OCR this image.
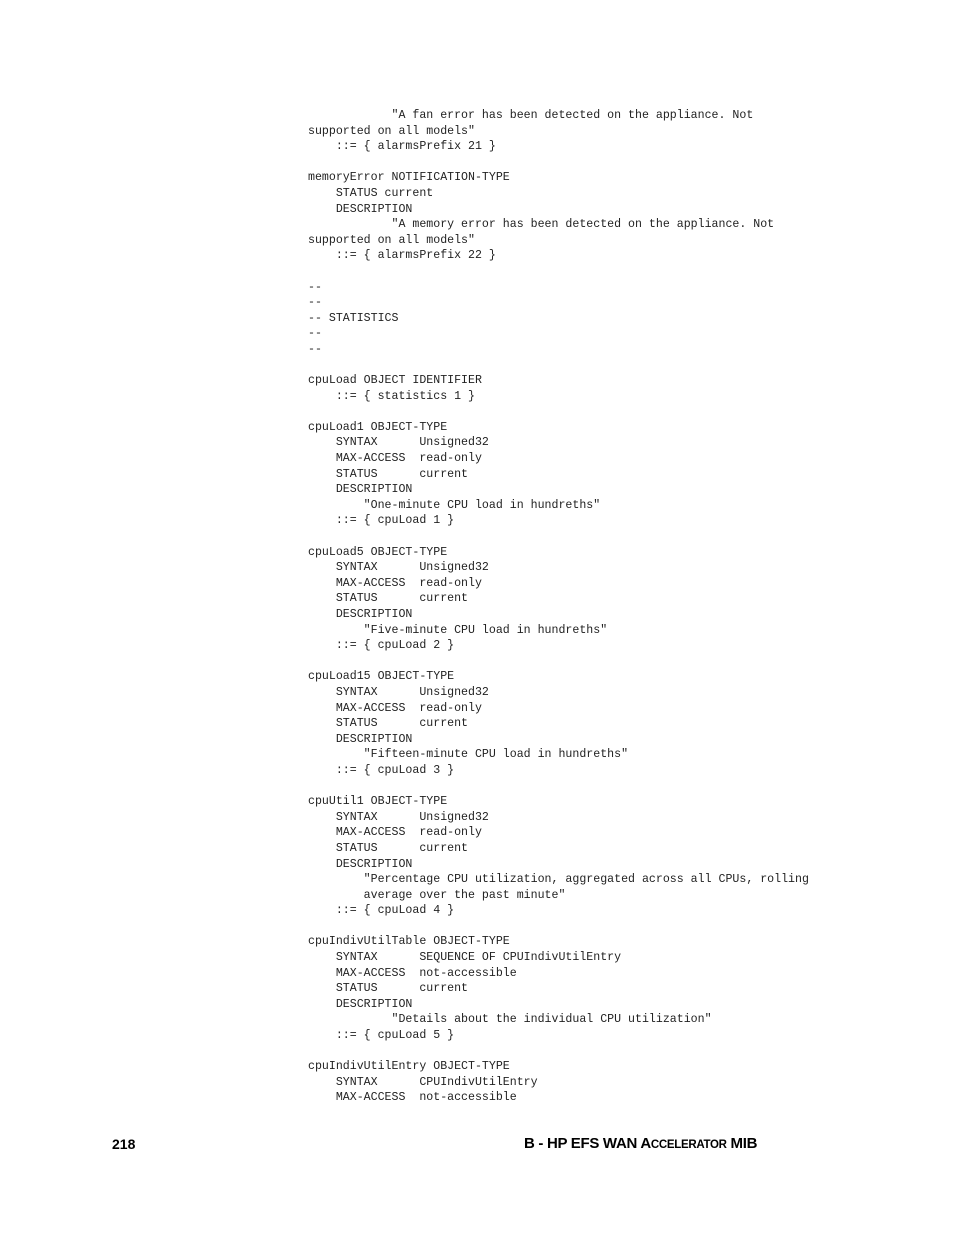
"A fan error has been detected on the appliance. Not
supported on all models"
::= { alarmsPrefix 21 }
memoryError NOTIFICATION-TYPE
STATUS current
DESCRIPTION
"A memory error has been detected on the appliance. Not
supported on all models"
::= { alarmsPrefix 22 }
--
--
-- STATISTICS
--
--
cpuLoad OBJECT IDENTIFIER
::= { statistics 1 }
cpuLoad1 OBJECT-TYPE
SYNTAX      Unsigned32
MAX-ACCESS  read-only
STATUS      current
DESCRIPTION
"One-minute CPU load in hundreths"
::= { cpuLoad 1 }
cpuLoad5 OBJECT-TYPE
SYNTAX      Unsigned32
MAX-ACCESS  read-only
STATUS      current
DESCRIPTION
"Five-minute CPU load in hundreths"
::= { cpuLoad 2 }
cpuLoad15 OBJECT-TYPE
SYNTAX      Unsigned32
MAX-ACCESS  read-only
STATUS      current
DESCRIPTION
"Fifteen-minute CPU load in hundreths"
::= { cpuLoad 3 }
cpuUtil1 OBJECT-TYPE
SYNTAX      Unsigned32
MAX-ACCESS  read-only
STATUS      current
DESCRIPTION
"Percentage CPU utilization, aggregated across all CPUs, rolling
average over the past minute"
::= { cpuLoad 4 }
cpuIndivUtilTable OBJECT-TYPE
SYNTAX      SEQUENCE OF CPUIndivUtilEntry
MAX-ACCESS  not-accessible
STATUS      current
DESCRIPTION
"Details about the individual CPU utilization"
::= { cpuLoad 5 }
cpuIndivUtilEntry OBJECT-TYPE
SYNTAX      CPUIndivUtilEntry
MAX-ACCESS  not-accessible
218	B - HP EFS WAN ACCELERATOR MIB
